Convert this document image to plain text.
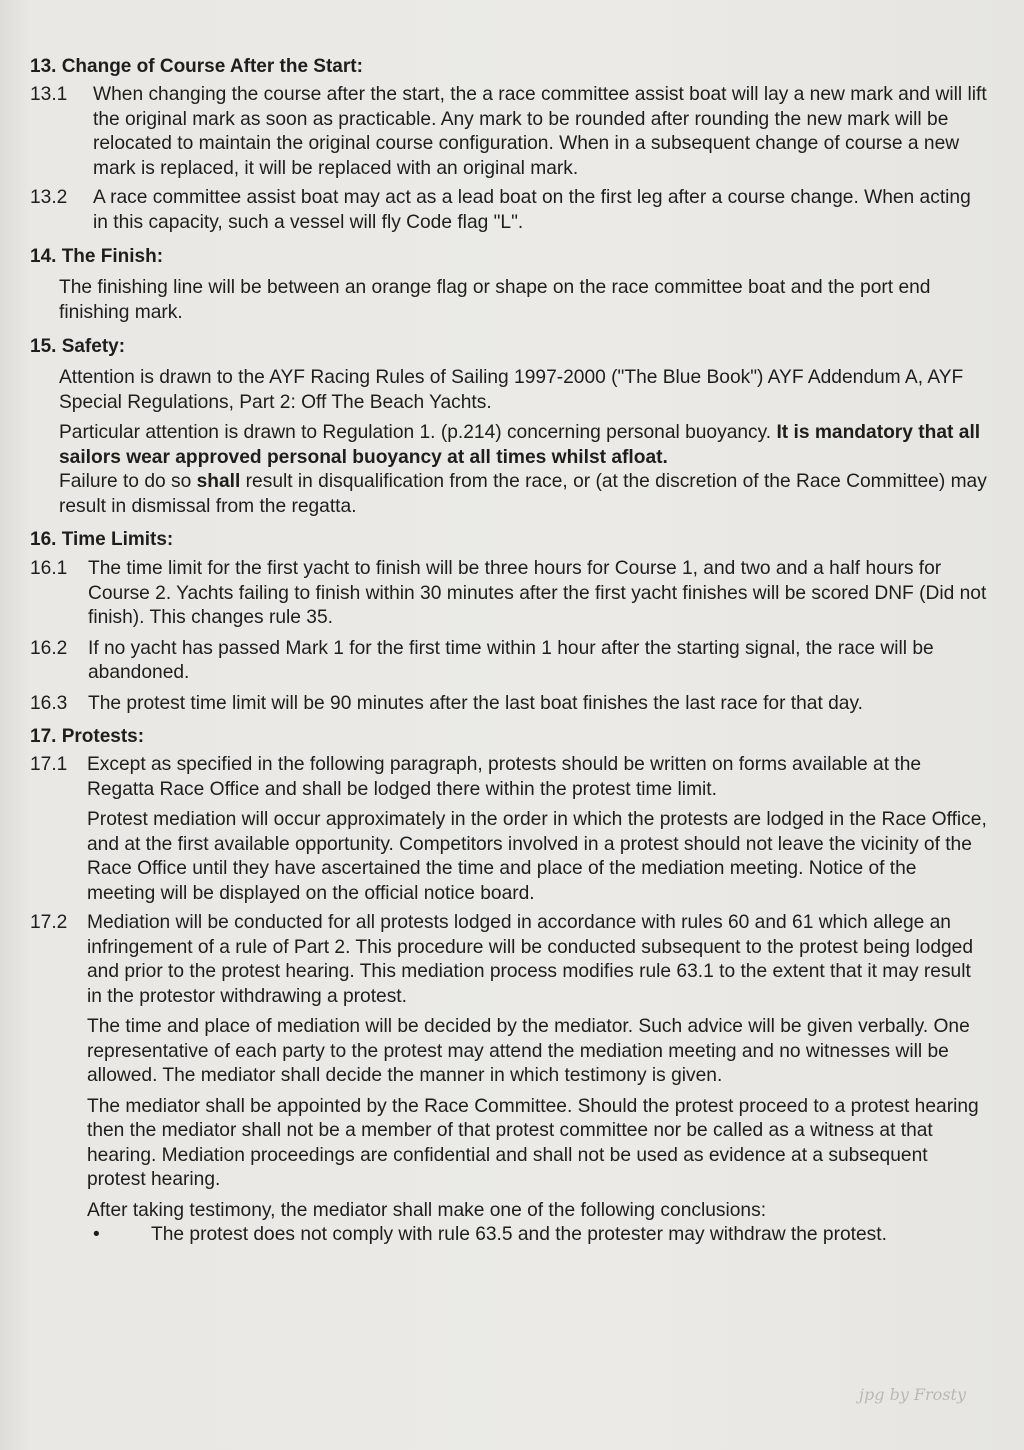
13. Change of Course After the Start:
13.1	When changing the course after the start, the a race committee assist boat will lay a new mark and will lift the original mark as soon as practicable. Any mark to be rounded after rounding the new mark will be relocated to maintain the original course configuration. When in a subsequent change of course a new mark is replaced, it will be replaced with an original mark.
13.2	A race committee assist boat may act as a lead boat on the first leg after a course change. When acting in this capacity, such a vessel will fly Code flag "L".
14. The Finish:

The finishing line will be between an orange flag or shape on the race committee boat and the port end finishing mark.

15. Safety:

Attention is drawn to the AYF Racing Rules of Sailing 1997-2000 ("The Blue Book") AYF Addendum A, AYF Special Regulations, Part 2: Off The Beach Yachts.

Particular attention is drawn to Regulation 1. (p.214) concerning personal buoyancy. It is mandatory that all sailors wear approved personal buoyancy at all times whilst afloat.

Failure to do so shall result in disqualification from the race, or (at the discretion of the Race Committee) may result in dismissal from the regatta.

16. Time Limits:
16.1	The time limit for the first yacht to finish will be three hours for Course 1, and two and a half hours for Course 2. Yachts failing to finish within 30 minutes after the first yacht finishes will be scored DNF (Did not finish). This changes rule 35.
16.2	If no yacht has passed Mark 1 for the first time within 1 hour after the starting signal, the race will be abandoned.
16.3	The protest time limit will be 90 minutes after the last boat finishes the last race for that day.
17. Protests:
17.1	Except as specified in the following paragraph, protests should be written on forms available at the Regatta Race Office and shall be lodged there within the protest time limit.

Protest mediation will occur approximately in the order in which the protests are lodged in the Race Office, and at the first available opportunity. Competitors involved in a protest should not leave the vicinity of the Race Office until they have ascertained the time and place of the mediation meeting. Notice of the meeting will be displayed on the official notice board.

17.2	Mediation will be conducted for all protests lodged in accordance with rules 60 and 61 which allege an infringement of a rule of Part 2. This procedure will be conducted subsequent to the protest being lodged and prior to the protest hearing. This mediation process modifies rule 63.1 to the extent that it may result in the protestor withdrawing a protest.

The time and place of mediation will be decided by the mediator. Such advice will be given verbally. One representative of each party to the protest may attend the mediation meeting and no witnesses will be allowed. The mediator shall decide the manner in which testimony is given.

The mediator shall be appointed by the Race Committee. Should the protest proceed to a protest hearing then the mediator shall not be a member of that protest committee nor be called as a witness at that hearing. Mediation proceedings are confidential and shall not be used as evidence at a subsequent protest hearing.

After taking testimony, the mediator shall make one of the following conclusions:

•	The protest does not comply with rule 63.5 and the protester may withdraw the protest.
jpg by Frosty
